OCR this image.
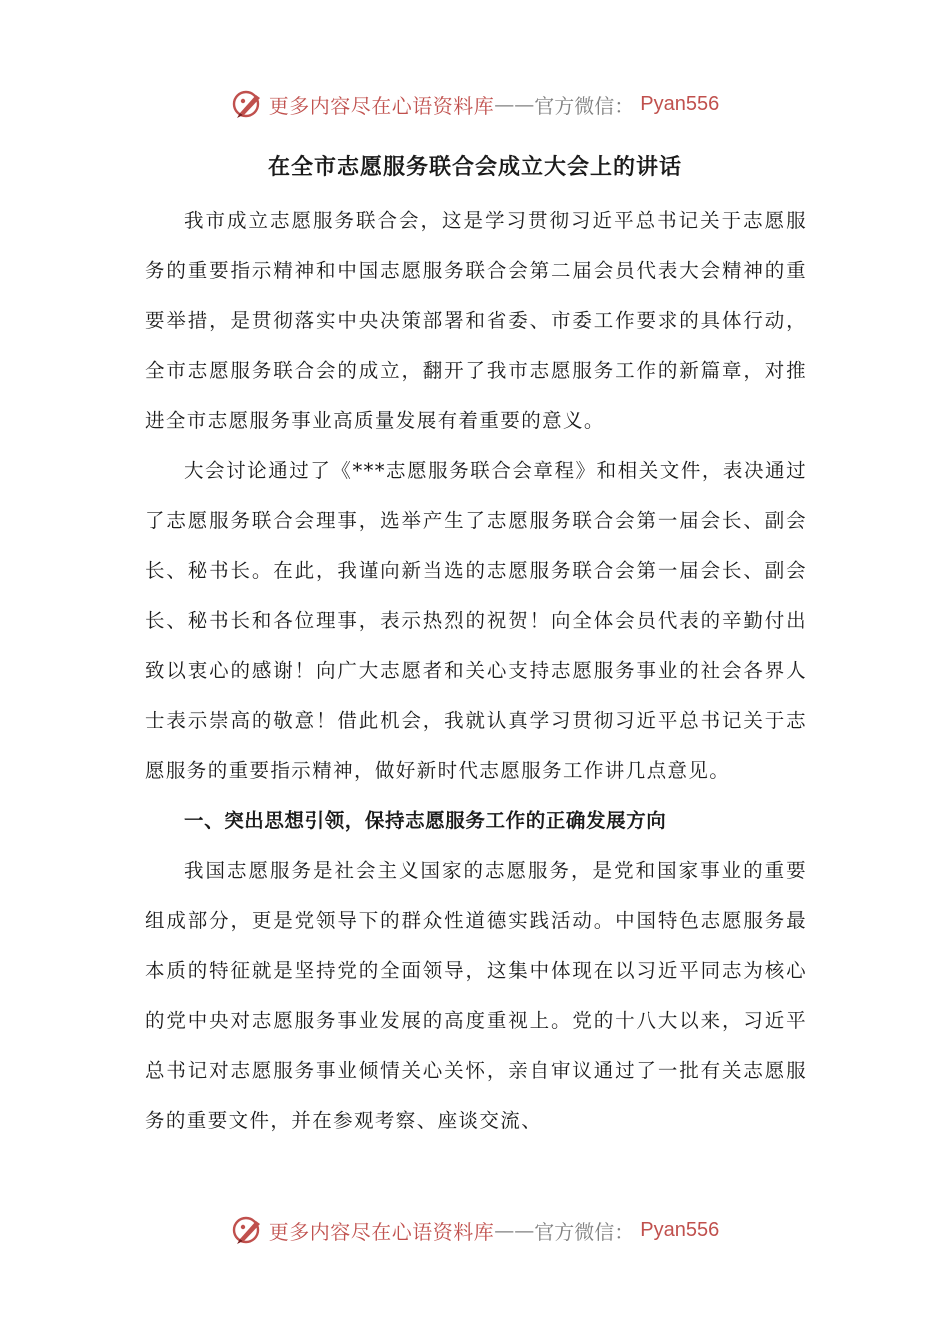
更多内容尽在心语资料库 —— 官方微信： Pyan556
在全市志愿服务联合会成立大会上的讲话

我市成立志愿服务联合会，这是学习贯彻习近平总书记关于志愿服务的重要指示精神和中国志愿服务联合会第二届会员代表大会精神的重要举措，是贯彻落实中央决策部署和省委、市委工作要求的具体行动，全市志愿服务联合会的成立，翻开了我市志愿服务工作的新篇章，对推进全市志愿服务事业高质量发展有着重要的意义。

大会讨论通过了《***志愿服务联合会章程》和相关文件，表决通过了志愿服务联合会理事，选举产生了志愿服务联合会第一届会长、副会长、秘书长。在此，我谨向新当选的志愿服务联合会第一届会长、副会长、秘书长和各位理事，表示热烈的祝贺！向全体会员代表的辛勤付出致以衷心的感谢！向广大志愿者和关心支持志愿服务事业的社会各界人士表示崇高的敬意！借此机会，我就认真学习贯彻习近平总书记关于志愿服务的重要指示精神，做好新时代志愿服务工作讲几点意见。

一、突出思想引领，保持志愿服务工作的正确发展方向

我国志愿服务是社会主义国家的志愿服务，是党和国家事业的重要组成部分，更是党领导下的群众性道德实践活动。中国特色志愿服务最本质的特征就是坚持党的全面领导，这集中体现在以习近平同志为核心的党中央对志愿服务事业发展的高度重视上。党的十八大以来，习近平总书记对志愿服务事业倾情关心关怀，亲自审议通过了一批有关志愿服务的重要文件，并在参观考察、座谈交流、

更多内容尽在心语资料库 —— 官方微信： Pyan556
